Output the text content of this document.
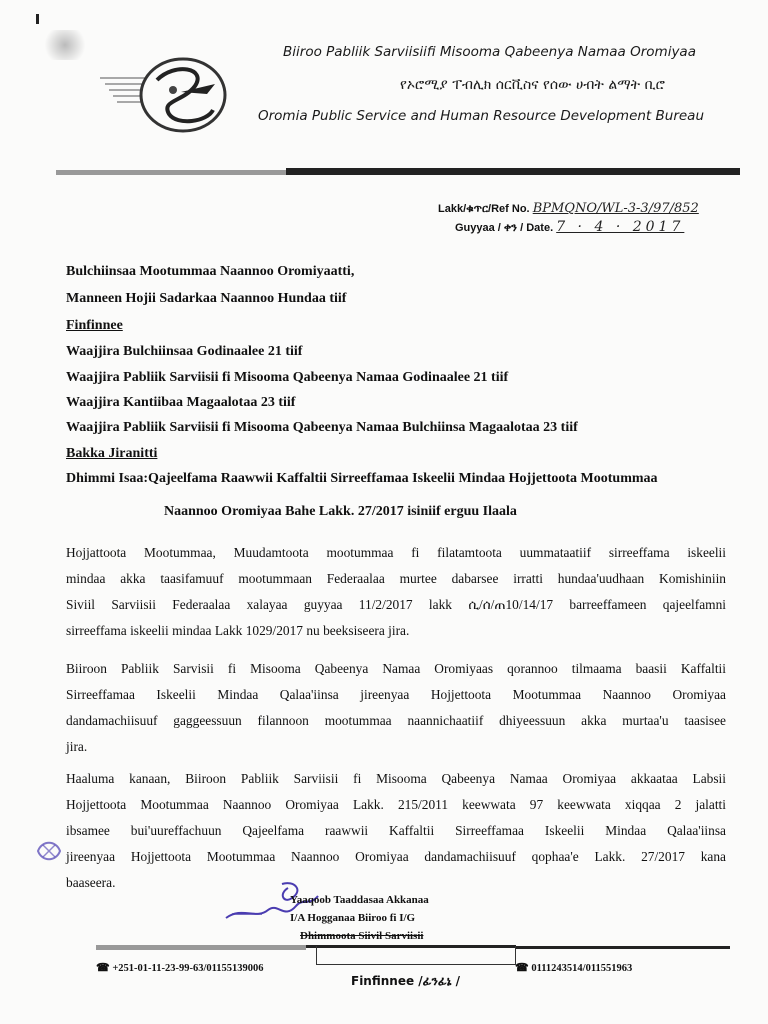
Biiroo Pabliik Sarviisiifi Misooma Qabeenya Namaa Oromiyaa
የኦሮሚያ ፐብሊክ ሰርቪስና የሰው ሀብት ልማት ቢሮ
Oromia Public Service and Human Resource Development Bureau
Lakk/ቁጥር/Ref No. BPMQNO/WL-3-3/97/852
Guyyaa / ቀን / Date. 7 · 4 · 2017
Bulchiinsaa Mootummaa Naannoo Oromiyaatti,
Manneen Hojii Sadarkaa Naannoo Hundaa tiif
Finfinnee
Waajjira Bulchiinsaa Godinaalee 21 tiif
Waajjira Pabliik Sarviisii fi Misooma Qabeenya Namaa Godinaalee 21 tiif
Waajjira Kantiibaa Magaalotaa 23 tiif
Waajjira Pabliik Sarviisii fi Misooma Qabeenya Namaa Bulchiinsa Magaalotaa 23 tiif
Bakka Jiranitti
Dhimmi Isaa:Qajeelfama Raawwii Kaffaltii Sirreeffamaa Iskeelii Mindaa Hojjettoota Mootummaa
Naannoo Oromiyaa Bahe Lakk. 27/2017 isiniif erguu Ilaala
Hojjattoota Mootummaa, Muudamtoota mootummaa fi filatamtoota uummataatiif sirreeffama iskeelii
mindaa akka taasifamuuf mootummaan Federaalaa murtee dabarsee irratti hundaa'uudhaan Komishiniin
Siviil Sarviisii Federaalaa xalayaa guyyaa 11/2/2017 lakk ሲ/ሰ/ጠ10/14/17 barreeffameen qajeelfamni
sirreeffama iskeelii mindaa Lakk 1029/2017 nu beeksiseera jira.
Biiroon Pabliik Sarvisii fi Misooma Qabeenya Namaa Oromiyaas qorannoo tilmaama baasii Kaffaltii
Sirreeffamaa Iskeelii Mindaa Qalaa'iinsa jireenyaa Hojjettoota Mootummaa Naannoo Oromiyaa
dandamachiisuuf gaggeessuun filannoon mootummaa naannichaatiif dhiyeessuun akka murtaa'u taasisee
jira.
Haaluma kanaan, Biiroon Pabliik Sarviisii fi Misooma Qabeenya Namaa Oromiyaa akkaataa Labsii
Hojjettoota Mootummaa Naannoo Oromiyaa Lakk. 215/2011 keewwata 97 keewwata xiqqaa 2 jalatti
ibsamee bui'uureffachuun Qajeelfama raawwii Kaffaltii Sirreeffamaa Iskeelii Mindaa Qalaa'iinsa
jireenyaa Hojjettoota Mootummaa Naannoo Oromiyaa dandamachiisuuf qophaa'e Lakk. 27/2017 kana
baaseera.
Yaaqoob Taaddasaa Akkanaa
I/A Hogganaa Biiroo fi I/G
Dhimmoota Siivil Sarviisii
☎ +251-01-11-23-99-63/01155139006	☎ 0111243514/011551963
Finfinnee /ፊንፊኔ /
